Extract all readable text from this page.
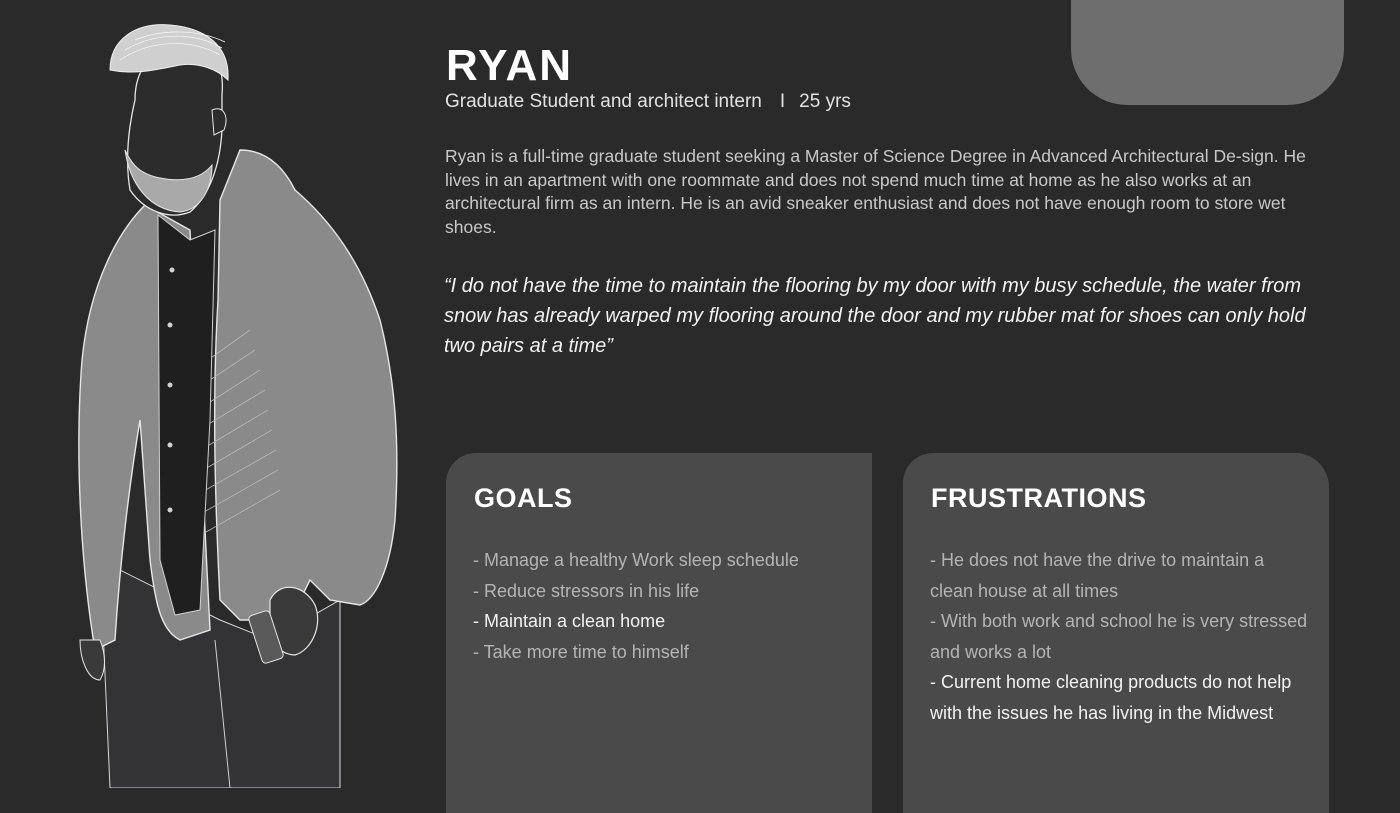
RYAN
Graduate Student and architect intern I 25 yrs

Ryan is a full-time graduate student seeking a Master of Science Degree in Advanced Architectural De-sign. He lives in an apartment with one roommate and does not spend much time at home as he also works at an architectural firm as an intern. He is an avid sneaker enthusiast and does not have enough room to store wet shoes.

“I do not have the time to maintain the flooring by my door with my busy schedule, the water from snow has already warped my flooring around the door and my rubber mat for shoes can only hold two pairs at a time”

GOALS
- Manage a healthy Work sleep schedule
- Reduce stressors in his life
- Maintain a clean home
- Take more time to himself
FRUSTRATIONS
- He does not have the drive to maintain a clean house at all times
- With both work and school he is very stressed and works a lot
- Current home cleaning products do not help with the issues he has living in the Midwest
